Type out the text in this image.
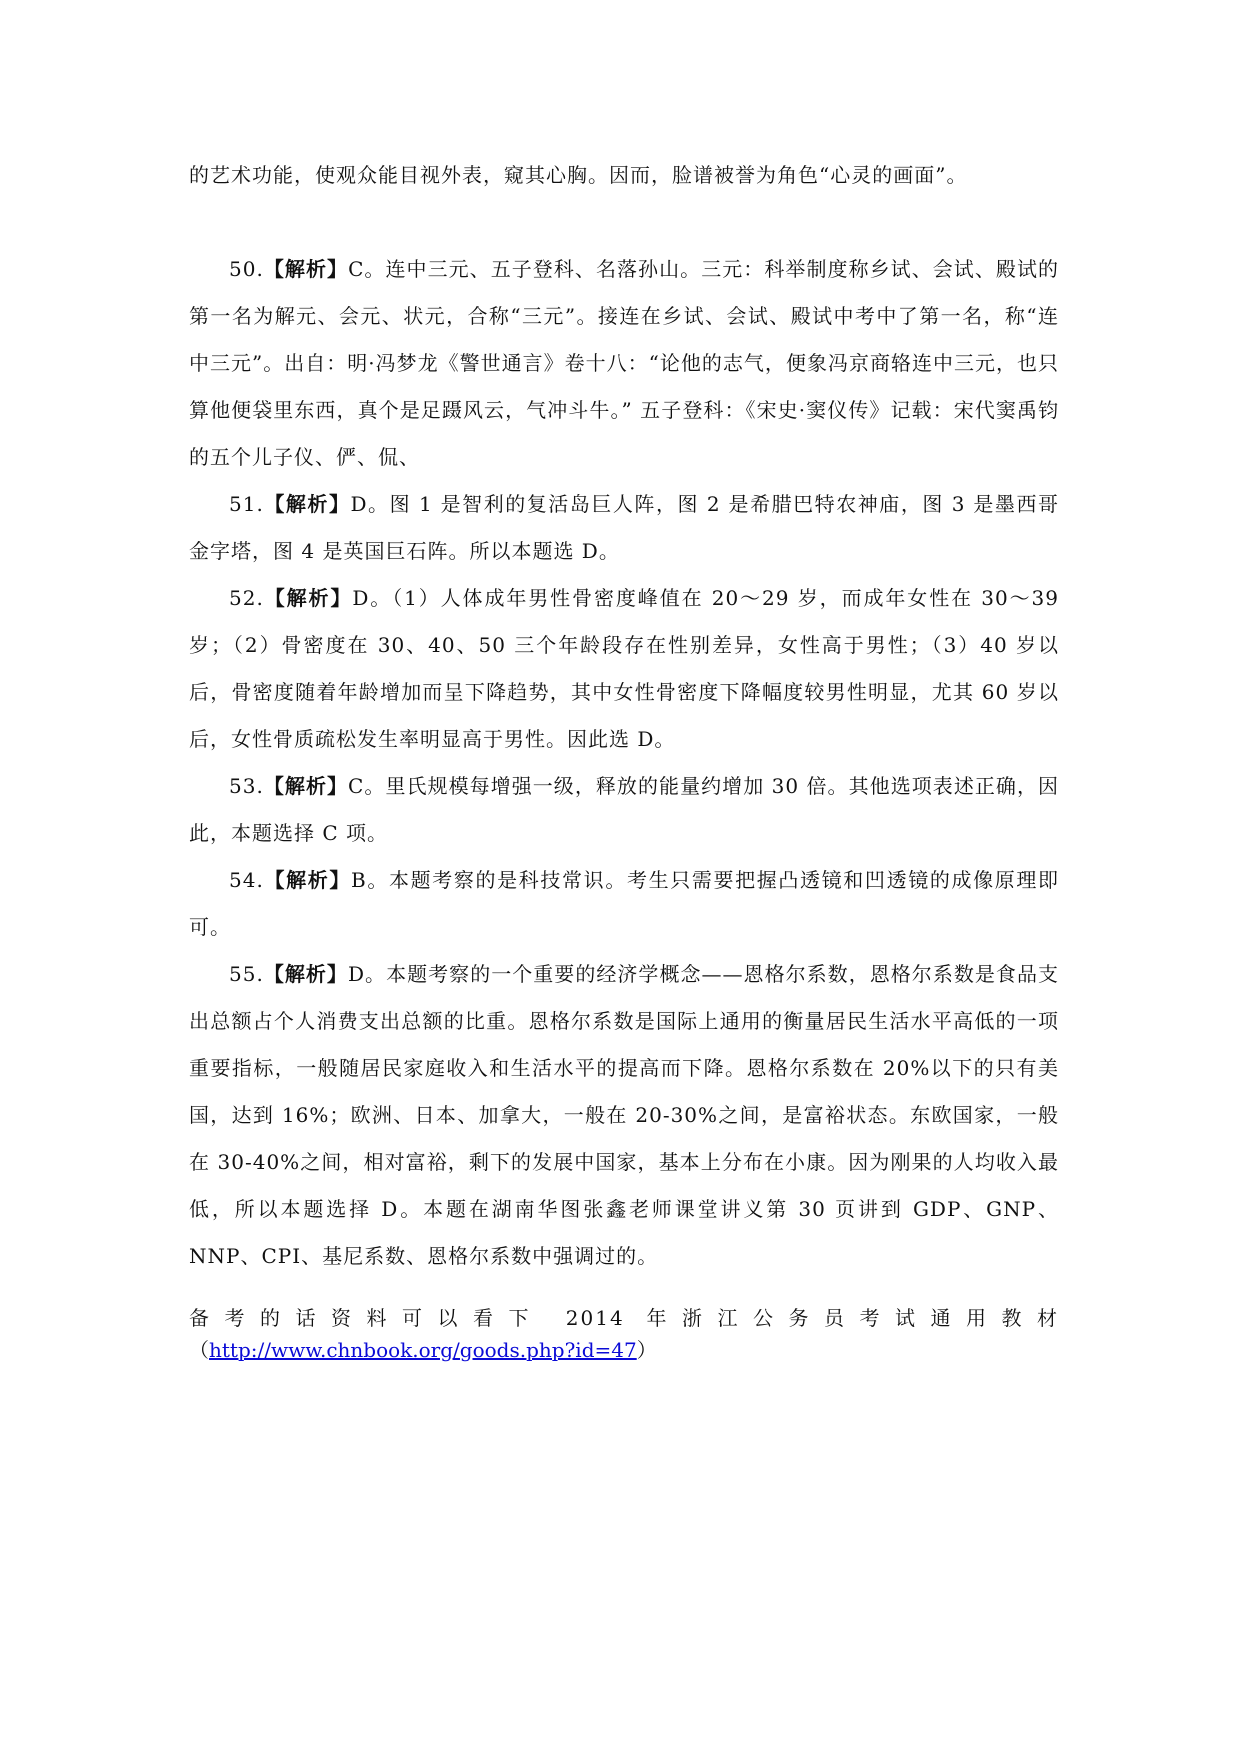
的艺术功能，使观众能目视外表，窥其心胸。因而，脸谱被誉为角色“心灵的画面”。

50.【解析】C。连中三元、五子登科、名落孙山。三元：科举制度称乡试、会试、殿试的第一名为解元、会元、状元，合称“三元”。接连在乡试、会试、殿试中考中了第一名，称“连中三元”。出自：明·冯梦龙《警世通言》卷十八：“论他的志气，便象冯京商辂连中三元，也只算他便袋里东西，真个是足蹑风云，气冲斗牛。” 五子登科：《宋史·窦仪传》记载：宋代窦禹钧的五个儿子仪、俨、侃、

51.【解析】D。图 1 是智利的复活岛巨人阵，图 2 是希腊巴特农神庙，图 3 是墨西哥金字塔，图 4 是英国巨石阵。所以本题选 D。

52.【解析】D。（1）人体成年男性骨密度峰值在 20～29 岁，而成年女性在 30～39 岁；（2）骨密度在 30、40、50 三个年龄段存在性别差异，女性高于男性；（3）40 岁以后，骨密度随着年龄增加而呈下降趋势，其中女性骨密度下降幅度较男性明显，尤其 60 岁以后，女性骨质疏松发生率明显高于男性。因此选 D。

53.【解析】C。里氏规模每增强一级，释放的能量约增加 30 倍。其他选项表述正确，因此，本题选择 C 项。

54.【解析】B。本题考察的是科技常识。考生只需要把握凸透镜和凹透镜的成像原理即可。

55.【解析】D。本题考察的一个重要的经济学概念——恩格尔系数，恩格尔系数是食品支出总额占个人消费支出总额的比重。恩格尔系数是国际上通用的衡量居民生活水平高低的一项重要指标，一般随居民家庭收入和生活水平的提高而下降。恩格尔系数在 20%以下的只有美国，达到 16%；欧洲、日本、加拿大，一般在 20-30%之间，是富裕状态。东欧国家，一般在 30-40%之间，相对富裕，剩下的发展中国家，基本上分布在小康。因为刚果的人均收入最低，所以本题选择 D。本题在湖南华图张鑫老师课堂讲义第 30 页讲到 GDP、GNP、NNP、CPI、基尼系数、恩格尔系数中强调过的。

备考的话资料可以看下 2014 年浙江公务员考试通用教材
（http://www.chnbook.org/goods.php?id=47）
